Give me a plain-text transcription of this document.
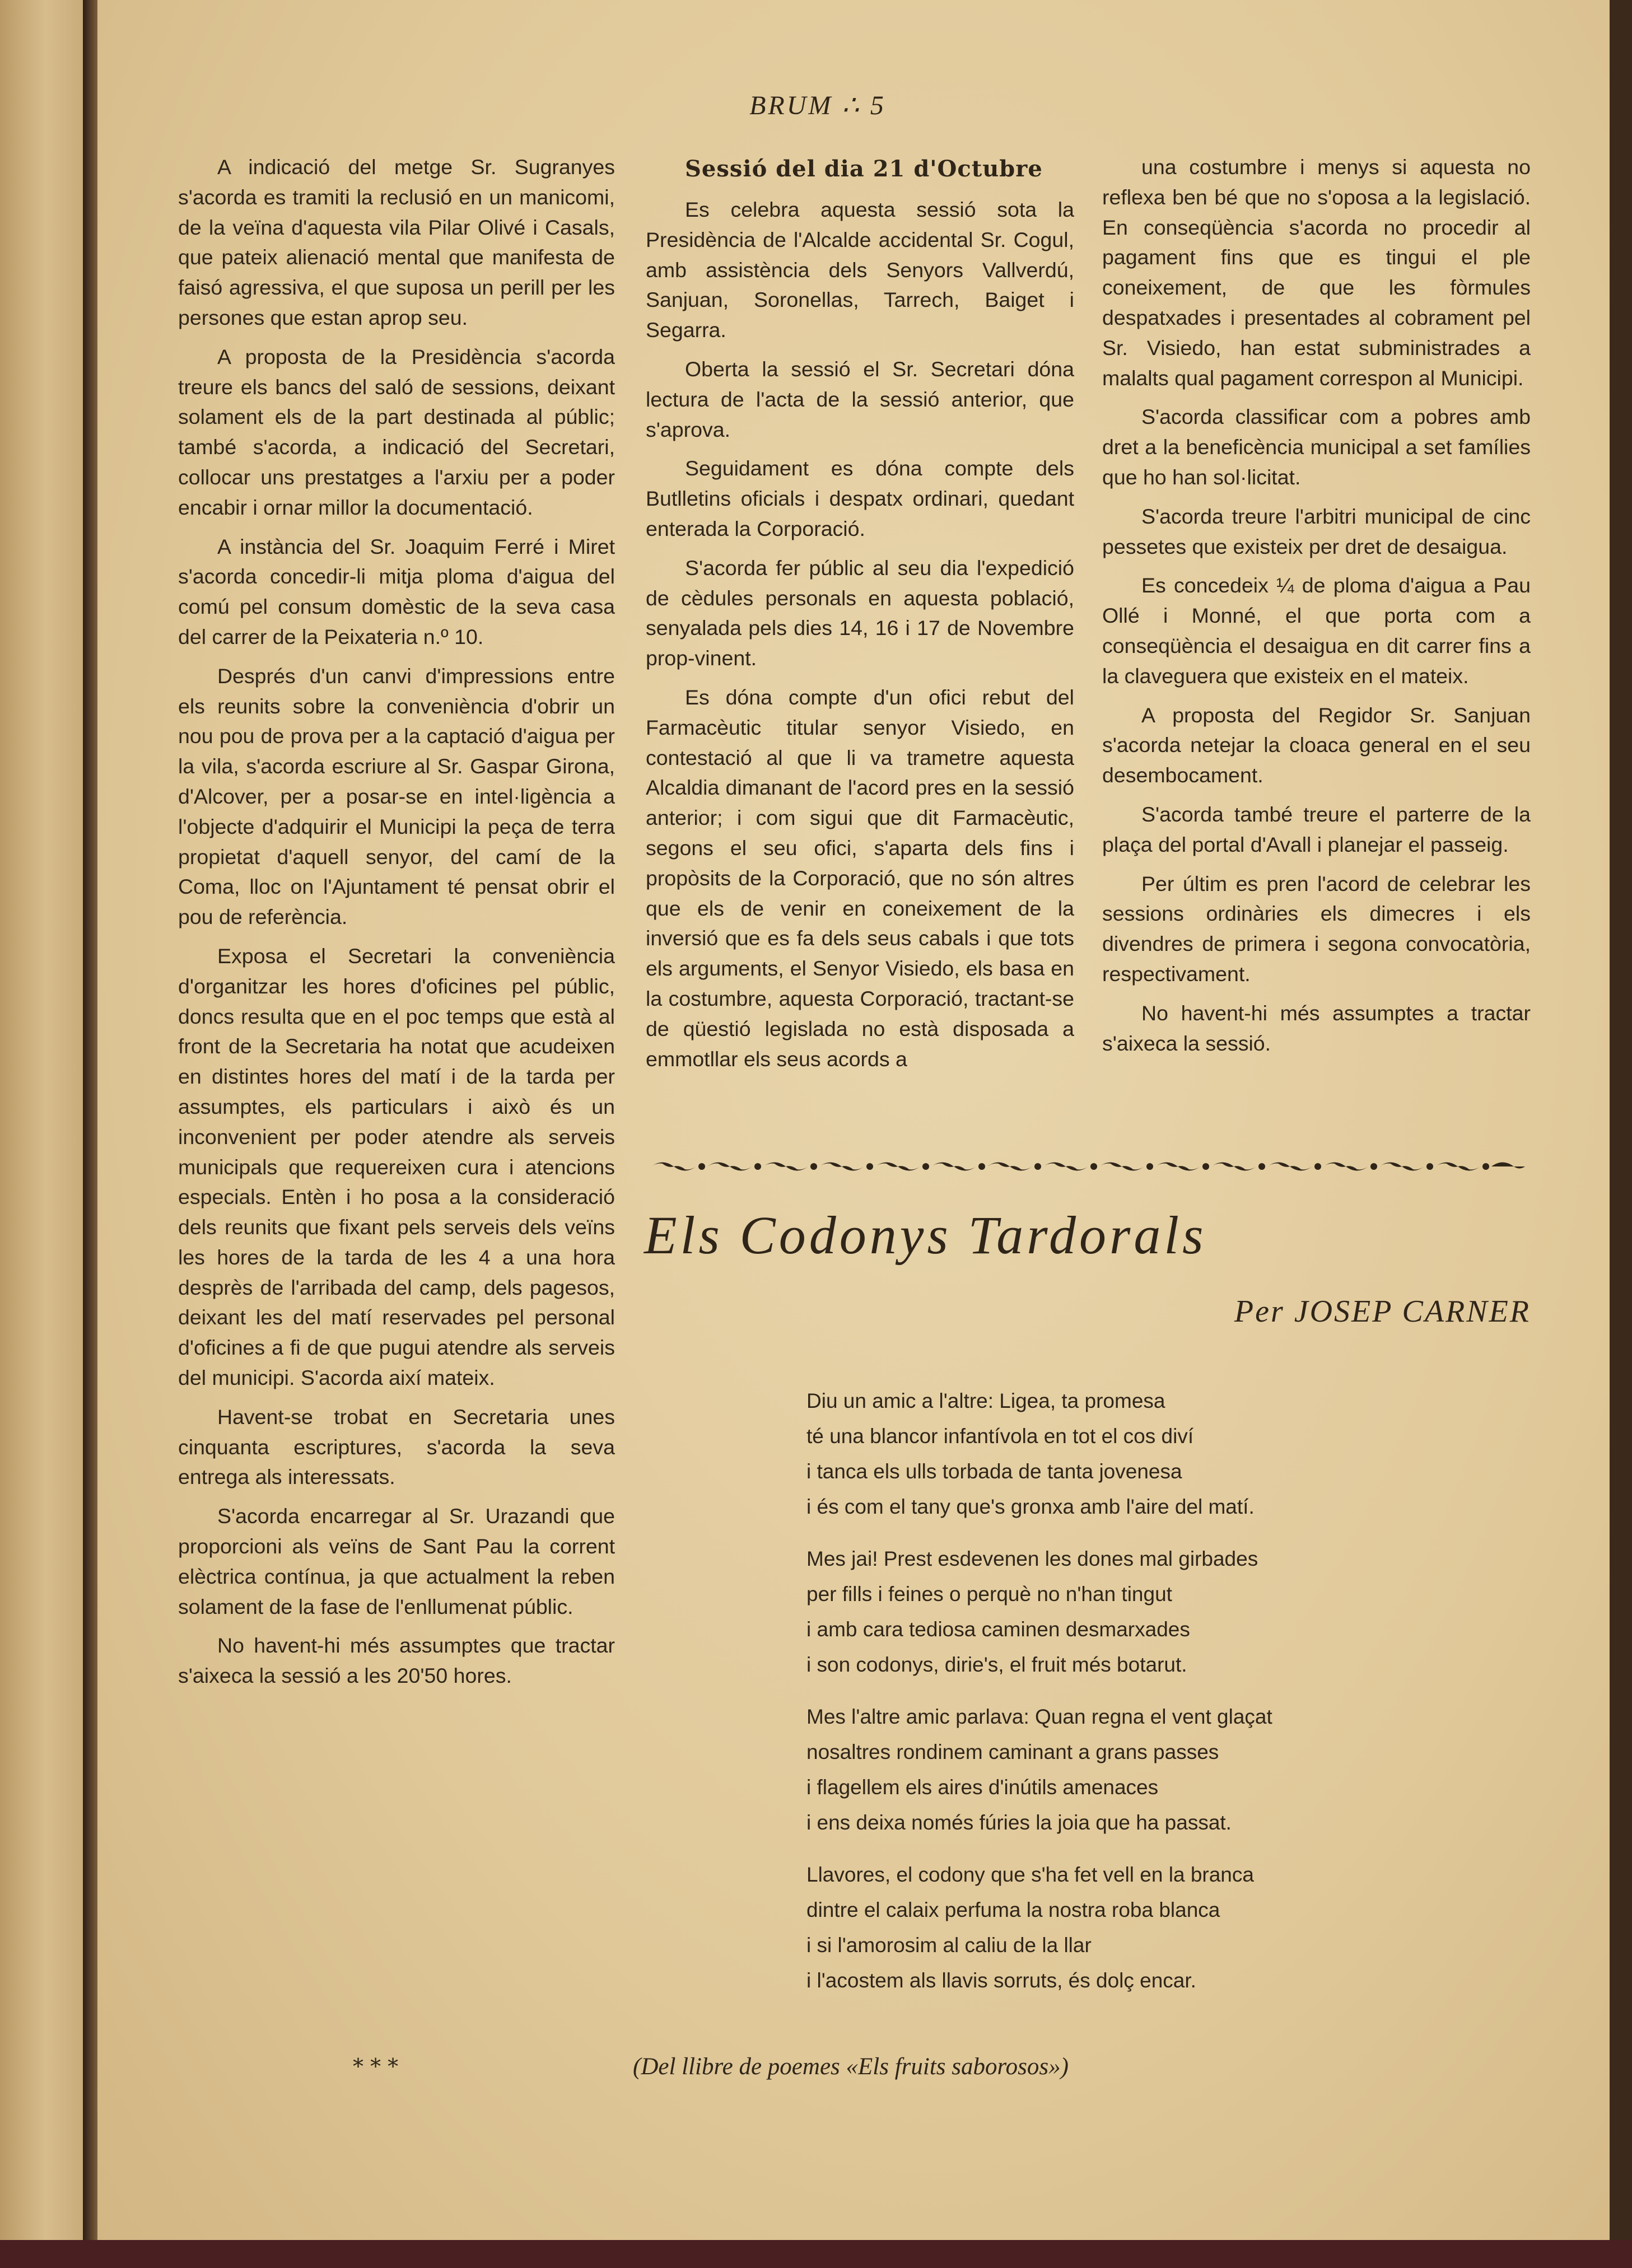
BRUM ∴ 5

A indicació del metge Sr. Sugranyes s'acorda es tramiti la reclusió en un manicomi, de la veïna d'aquesta vila Pilar Olivé i Casals, que pateix alienació mental que manifesta de faisó agressiva, el que suposa un perill per les persones que estan aprop seu.

A proposta de la Presidència s'acorda treure els bancs del saló de sessions, deixant solament els de la part destinada al públic; també s'acorda, a indicació del Secretari, collocar uns prestatges a l'arxiu per a poder encabir i ornar millor la documentació.

A instància del Sr. Joaquim Ferré i Miret s'acorda concedir-li mitja ploma d'aigua del comú pel consum domèstic de la seva casa del carrer de la Peixateria n.º 10.

Després d'un canvi d'impressions entre els reunits sobre la conveniència d'obrir un nou pou de prova per a la captació d'aigua per la vila, s'acorda escriure al Sr. Gaspar Girona, d'Alcover, per a posar-se en intel·ligència a l'objecte d'adquirir el Municipi la peça de terra propietat d'aquell senyor, del camí de la Coma, lloc on l'Ajuntament té pensat obrir el pou de referència.

Exposa el Secretari la conveniència d'organitzar les hores d'oficines pel públic, doncs resulta que en el poc temps que està al front de la Secretaria ha notat que acudeixen en distintes hores del matí i de la tarda per assumptes, els particulars i això és un inconvenient per poder atendre als serveis municipals que requereixen cura i atencions especials. Entèn i ho posa a la consideració dels reunits que fixant pels serveis dels veïns les hores de la tarda de les 4 a una hora desprès de l'arribada del camp, dels pagesos, deixant les del matí reservades pel personal d'oficines a fi de que pugui atendre als serveis del municipi. S'acorda així mateix.

Havent-se trobat en Secretaria unes cinquanta escriptures, s'acorda la seva entrega als interessats.

S'acorda encarregar al Sr. Urazandi que proporcioni als veïns de Sant Pau la corrent elèctrica contínua, ja que actualment la reben solament de la fase de l'enllumenat públic.

No havent-hi més assumptes que tractar s'aixeca la sessió a les 20'50 hores.

Sessió del dia 21 d'Octubre

Es celebra aquesta sessió sota la Presidència de l'Alcalde accidental Sr. Cogul, amb assistència dels Senyors Vallverdú, Sanjuan, Soronellas, Tarrech, Baiget i Segarra.

Oberta la sessió el Sr. Secretari dóna lectura de l'acta de la sessió anterior, que s'aprova.

Seguidament es dóna compte dels Butlletins oficials i despatx ordinari, quedant enterada la Corporació.

S'acorda fer públic al seu dia l'expedició de cèdules personals en aquesta població, senyalada pels dies 14, 16 i 17 de Novembre prop-vinent.

Es dóna compte d'un ofici rebut del Farmacèutic titular senyor Visiedo, en contestació al que li va trametre aquesta Alcaldia dimanant de l'acord pres en la sessió anterior; i com sigui que dit Farmacèutic, segons el seu ofici, s'aparta dels fins i propòsits de la Corporació, que no són altres que els de venir en coneixement de la inversió que es fa dels seus cabals i que tots els arguments, el Senyor Visiedo, els basa en la costumbre, aquesta Corporació, tractant-se de qüestió legislada no està disposada a emmotllar els seus acords a

una costumbre i menys si aquesta no reflexa ben bé que no s'oposa a la legislació. En conseqüència s'acorda no procedir al pagament fins que es tingui el ple coneixement, de que les fòrmules despatxades i presentades al cobrament pel Sr. Visiedo, han estat subministrades a malalts qual pagament correspon al Municipi.

S'acorda classificar com a pobres amb dret a la beneficència municipal a set famílies que ho han sol·licitat.

S'acorda treure l'arbitri municipal de cinc pessetes que existeix per dret de desaigua.

Es concedeix ¼ de ploma d'aigua a Pau Ollé i Monné, el que porta com a conseqüència el desaigua en dit carrer fins a la claveguera que existeix en el mateix.

A proposta del Regidor Sr. Sanjuan s'acorda netejar la cloaca general en el seu desembocament.

S'acorda també treure el parterre de la plaça del portal d'Avall i planejar el passeig.

Per últim es pren l'acord de celebrar les sessions ordinàries els dimecres i els divendres de primera i segona convocatòria, respectivament.

No havent-hi més assumptes a tractar s'aixeca la sessió.

Els Codonys Tardorals
Per JOSEP CARNER
Diu un amic a l'altre: Ligea, ta promesa
té una blancor infantívola en tot el cos diví
i tanca els ulls torbada de tanta jovenesa
i és com el tany que's gronxa amb l'aire del matí.
Mes jai! Prest esdevenen les dones mal girbades
per fills i feines o perquè no n'han tingut
i amb cara tediosa caminen desmarxades
i son codonys, dirie's, el fruit més botarut.
Mes l'altre amic parlava: Quan regna el vent glaçat
nosaltres rondinem caminant a grans passes
i flagellem els aires d'inútils amenaces
i ens deixa només fúries la joia que ha passat.
Llavores, el codony que s'ha fet vell en la branca
dintre el calaix perfuma la nostra roba blanca
i si l'amorosim al caliu de la llar
i l'acostem als llavis sorruts, és dolç encar.
* * *	(Del llibre de poemes «Els fruits saborosos»)
